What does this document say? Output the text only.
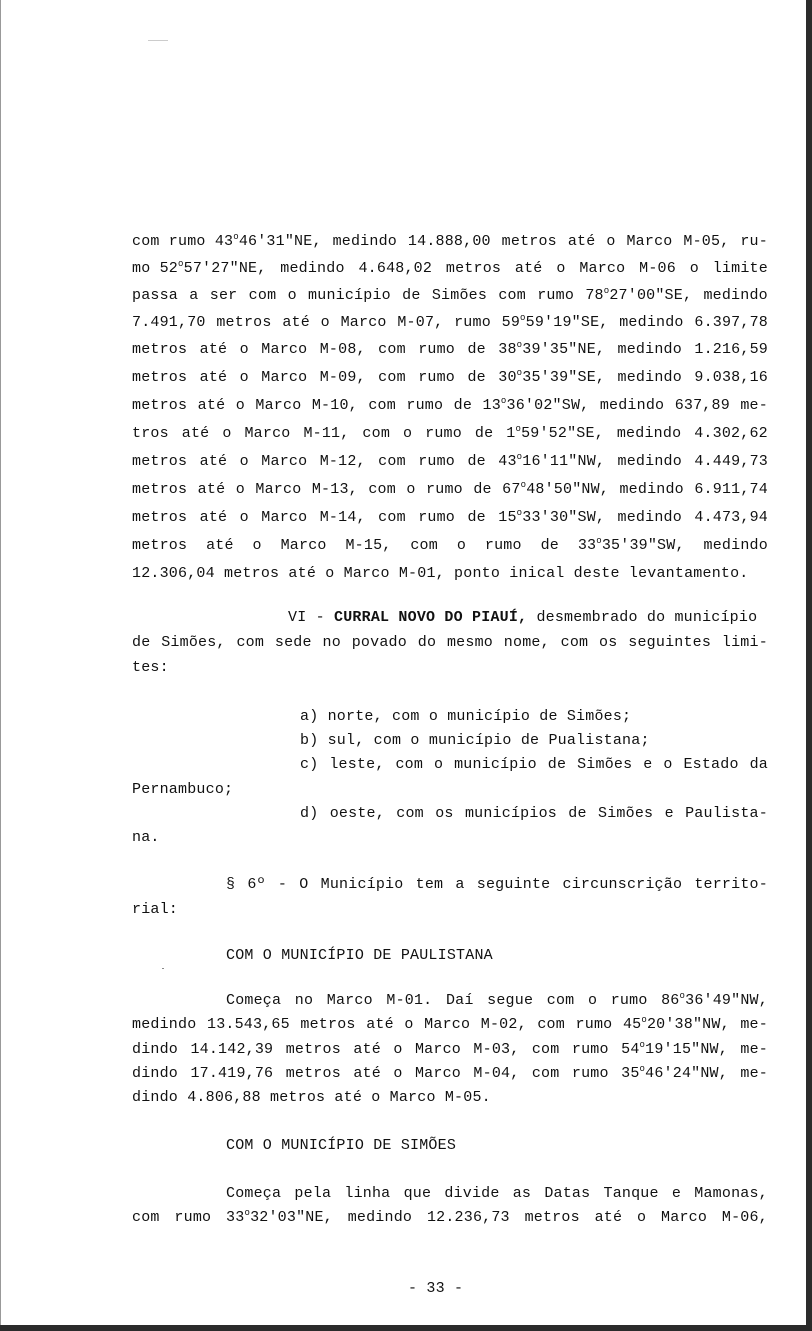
com rumo 43$^o$46'31"NE, medindo 14.888,00 metros até o Marco M-05, ru-
mo 52$^o$57'27"NE, medindo 4.648,02 metros até o Marco M-06 o limite
passa a ser com o município de Simões com rumo 78$^o$27'00"SE, medindo
7.491,70 metros até o Marco M-07, rumo 59$^o$59'19"SE, medindo 6.397,78
metros até o Marco M-08, com rumo de 38$^o$39'35"NE, medindo 1.216,59
metros até o Marco M-09, com rumo de 30$^o$35'39"SE, medindo 9.038,16
metros até o Marco M-10, com rumo de 13$^o$36'02"SW, medindo 637,89 me-
tros até o Marco M-11, com o rumo de 1$^o$59'52"SE, medindo 4.302,62
metros até o Marco M-12, com rumo de 43$^o$16'11"NW, medindo 4.449,73
metros até o Marco M-13, com o rumo de 67$^o$48'50"NW, medindo 6.911,74
metros até o Marco M-14, com rumo de 15$^o$33'30"SW, medindo 4.473,94
metros até o Marco M-15, com o rumo de 33$^o$35'39"SW, medindo
12.306,04 metros até o Marco M-01, ponto inical deste levantamento.
VI - CURRAL NOVO DO PIAUÍ, desmembrado do município
de Simões, com sede no povado do mesmo nome, com os seguintes limi-
tes:
a) norte, com o município de Simões;
b) sul, com o município de Pualistana;
c) leste, com o município de Simões e o Estado da
Pernambuco;
d) oeste, com os municípios de Simões e Paulista-
na.
§ 6º - O Município tem a seguinte circunscrição territo-
rial:
COM O MUNICÍPIO DE PAULISTANA
Começa no Marco M-01. Daí segue com o rumo 86$^o$36'49"NW,
medindo 13.543,65 metros até o Marco M-02, com rumo 45$^o$20'38"NW, me-
dindo 14.142,39 metros até o Marco M-03, com rumo 54$^o$19'15"NW, me-
dindo 17.419,76 metros até o Marco M-04, com rumo 35$^o$46'24"NW, me-
dindo 4.806,88 metros até o Marco M-05.
COM O MUNICÍPIO DE SIMÕES
Começa pela linha que divide as Datas Tanque e Mamonas,
com rumo 33$^o$32'03"NE, medindo 12.236,73 metros até o Marco M-06,
- 33 -
